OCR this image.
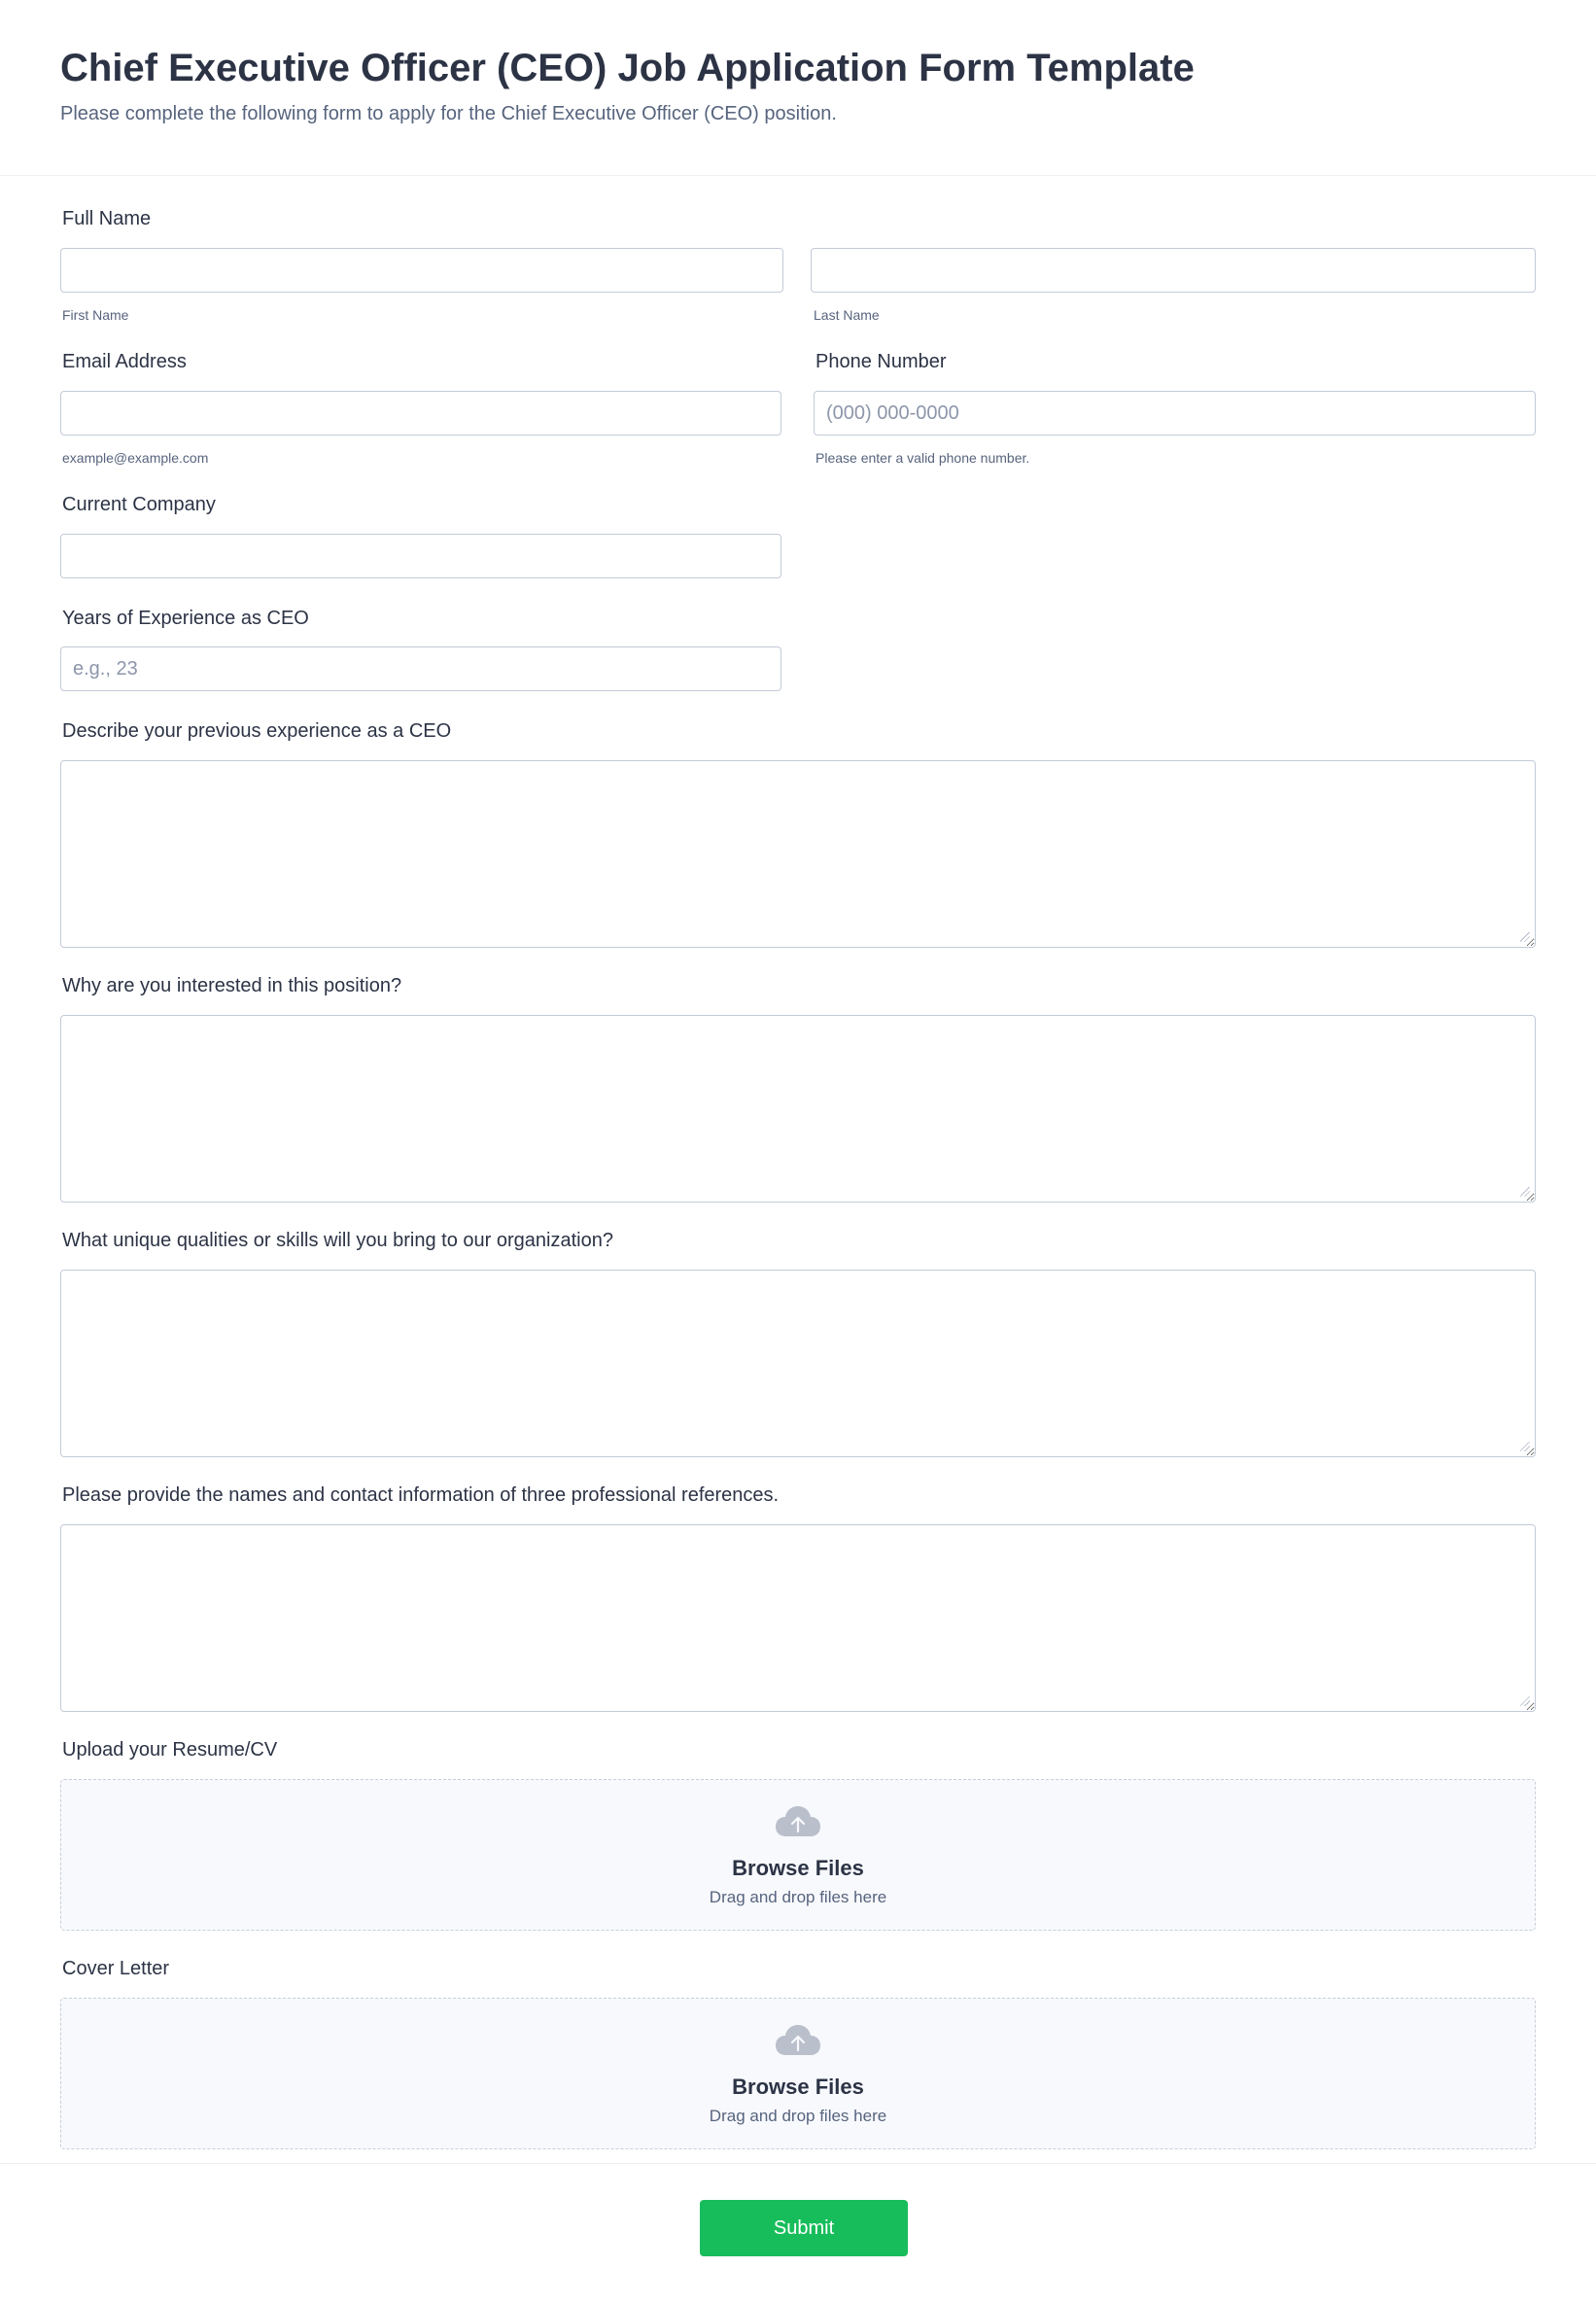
Chief Executive Officer (CEO) Job Application Form Template

Please complete the following form to apply for the Chief Executive Officer (CEO) position.

Full Name
First Name	Last Name
Email Address
example@example.com
Phone Number
(000) 000-0000
Please enter a valid phone number.
Current Company
Years of Experience as CEO
e.g., 23
Describe your previous experience as a CEO
Why are you interested in this position?
What unique qualities or skills will you bring to our organization?
Please provide the names and contact information of three professional references.
Upload your Resume/CV
Browse Files
Drag and drop files here
Cover Letter
Browse Files
Drag and drop files here
Submit
